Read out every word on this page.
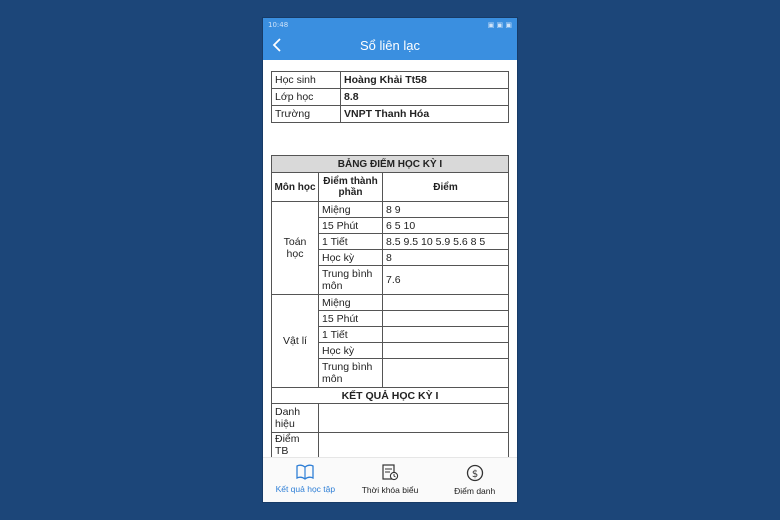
10:48	▣ ▣ ▣
Sổ liên lạc
Học sinh	Hoàng Khải Tt58
Lớp học	8.8
Trường	VNPT Thanh Hóa
BẢNG ĐIỂM HỌC KỲ I		
Môn học	Điểm thành phần	Điểm
Toán học	Miệng	8 9
	15 Phút	6 5 10
	1 Tiết	8.5 9.5 10 5.9 5.6 8 5
	Học kỳ	8
	Trung bình môn	7.6
Vật lí	Miệng	
	15 Phút	
	1 Tiết	
	Học kỳ	
	Trung bình môn	
KẾT QUẢ HỌC KỲ I		
Danh hiệu		
Điểm TB		
Kết quả học tập	Thời khóa biểu
$
Điểm danh
